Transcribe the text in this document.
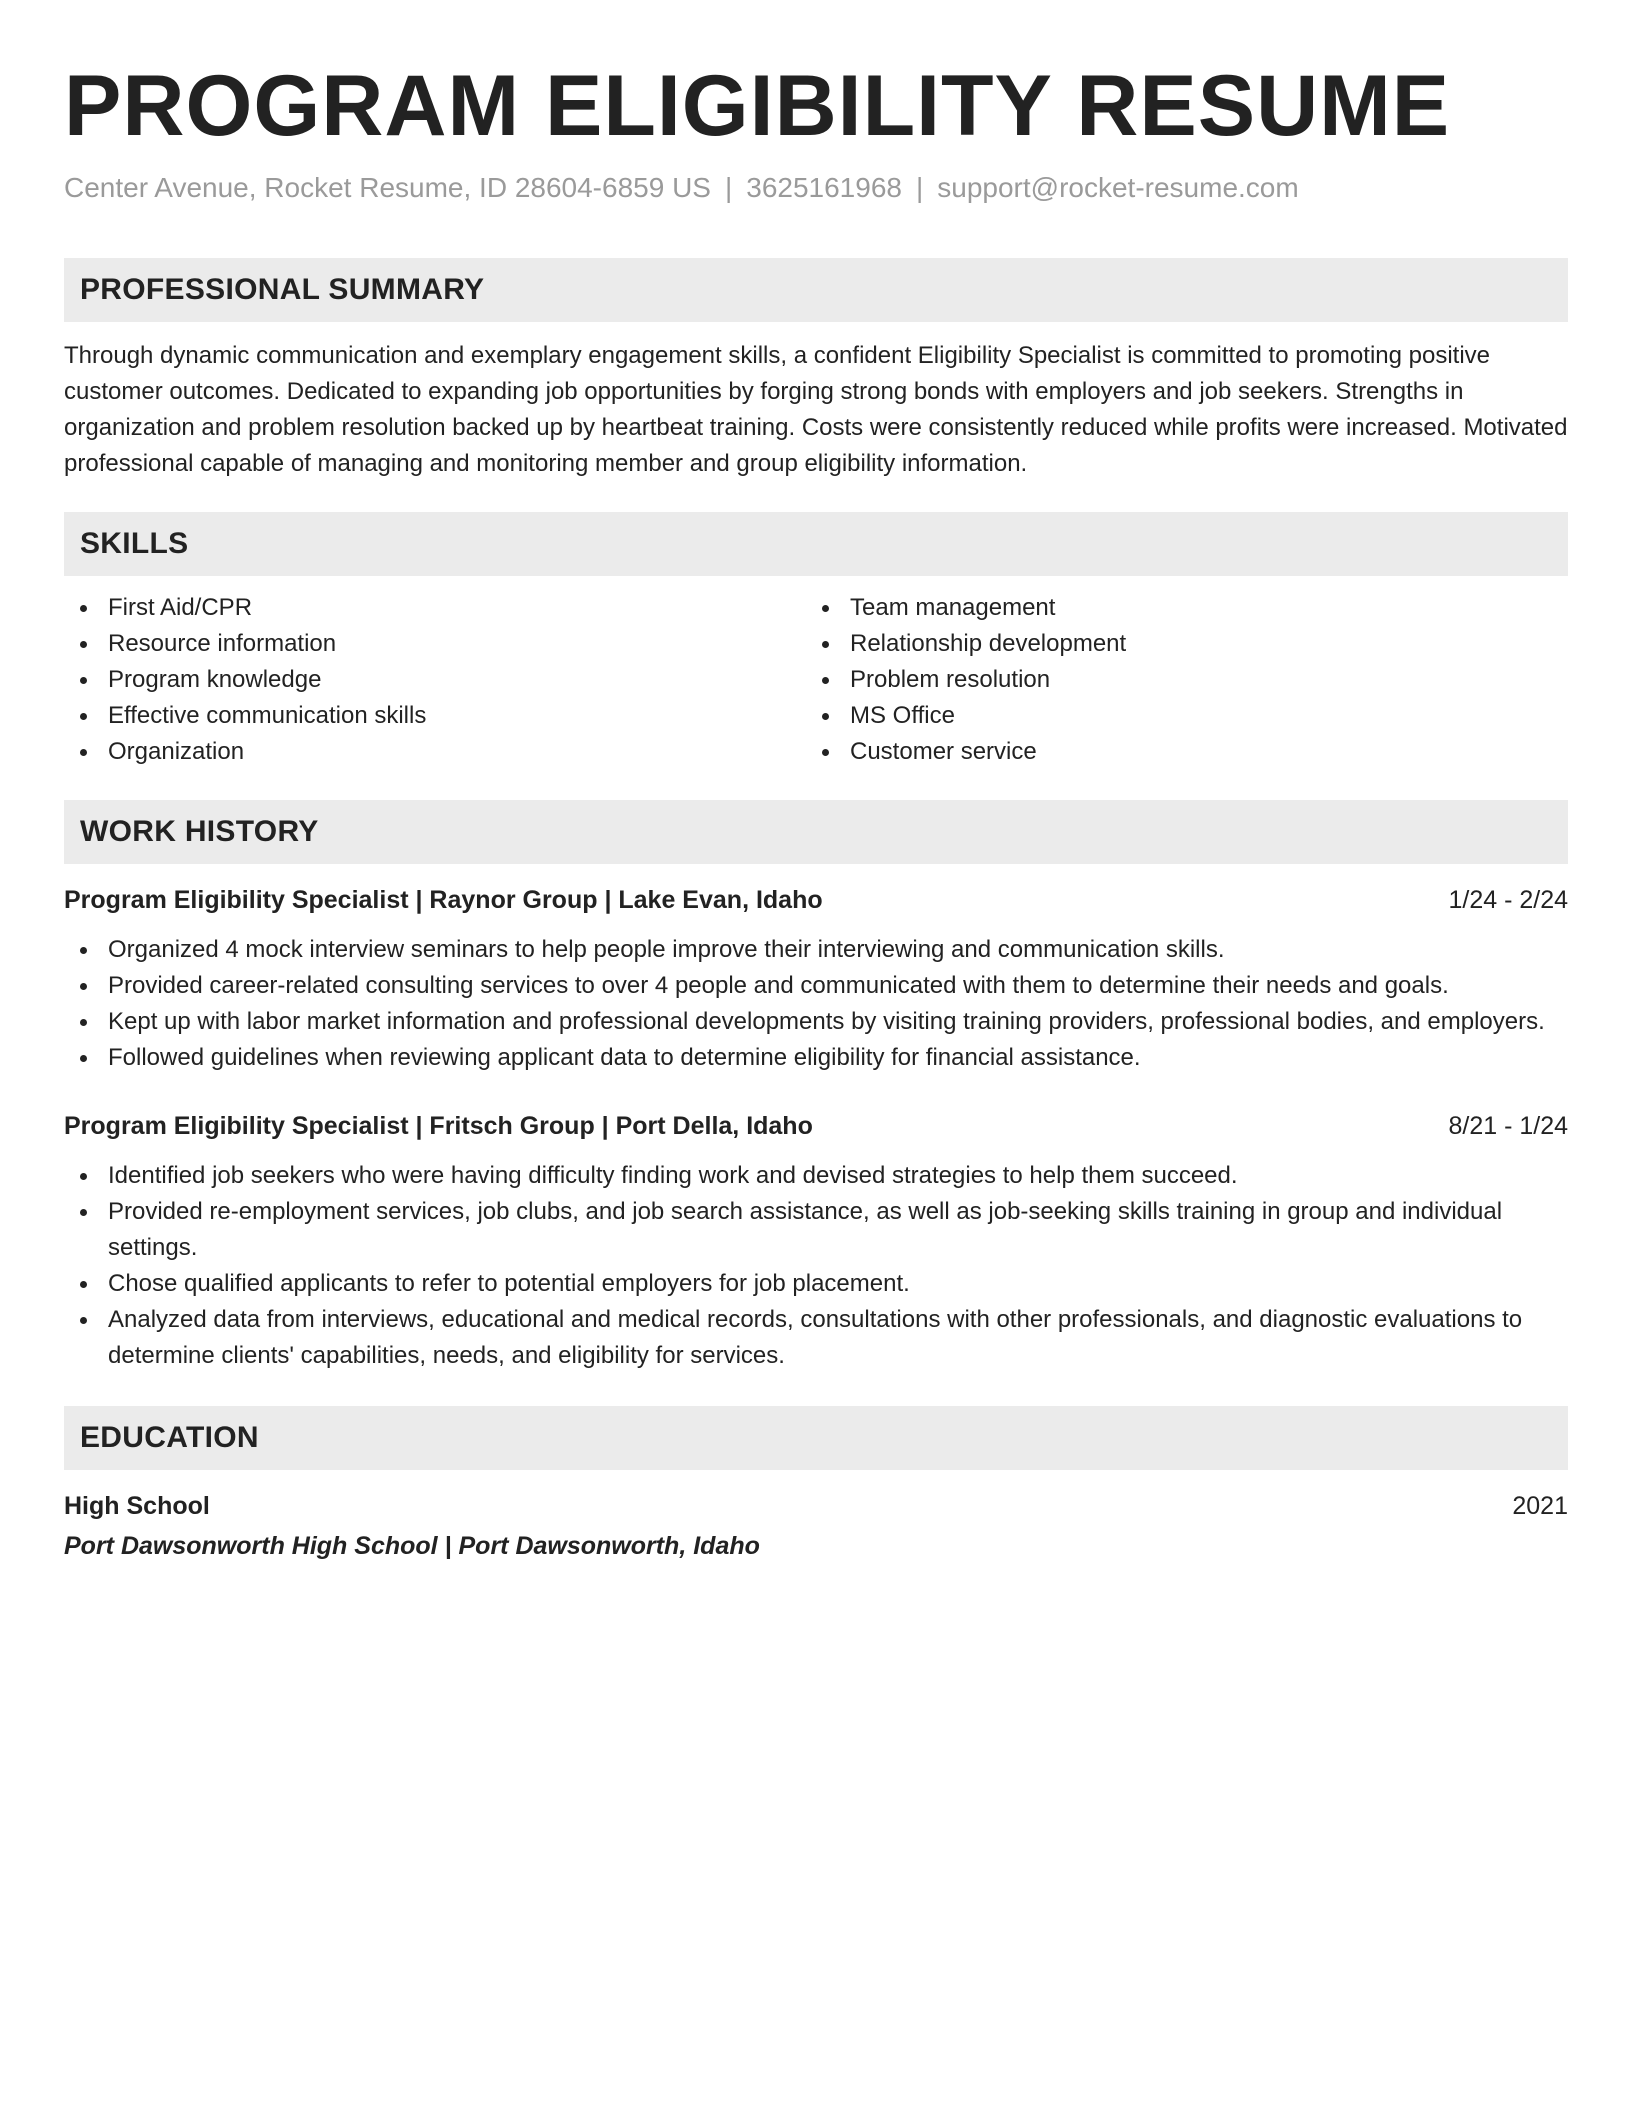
PROGRAM ELIGIBILITY RESUME
Center Avenue, Rocket Resume, ID 28604-6859 US | 3625161968 | support@rocket-resume.com
PROFESSIONAL SUMMARY
Through dynamic communication and exemplary engagement skills, a confident Eligibility Specialist is committed to promoting positive customer outcomes. Dedicated to expanding job opportunities by forging strong bonds with employers and job seekers. Strengths in organization and problem resolution backed up by heartbeat training. Costs were consistently reduced while profits were increased. Motivated professional capable of managing and monitoring member and group eligibility information.
SKILLS
First Aid/CPR
Resource information
Program knowledge
Effective communication skills
Organization
Team management
Relationship development
Problem resolution
MS Office
Customer service
WORK HISTORY
Program Eligibility Specialist | Raynor Group | Lake Evan, Idaho	1/24 - 2/24
Organized 4 mock interview seminars to help people improve their interviewing and communication skills.
Provided career-related consulting services to over 4 people and communicated with them to determine their needs and goals.
Kept up with labor market information and professional developments by visiting training providers, professional bodies, and employers.
Followed guidelines when reviewing applicant data to determine eligibility for financial assistance.
Program Eligibility Specialist | Fritsch Group | Port Della, Idaho	8/21 - 1/24
Identified job seekers who were having difficulty finding work and devised strategies to help them succeed.
Provided re-employment services, job clubs, and job search assistance, as well as job-seeking skills training in group and individual settings.
Chose qualified applicants to refer to potential employers for job placement.
Analyzed data from interviews, educational and medical records, consultations with other professionals, and diagnostic evaluations to determine clients' capabilities, needs, and eligibility for services.
EDUCATION
High School	2021
Port Dawsonworth High School | Port Dawsonworth, Idaho
